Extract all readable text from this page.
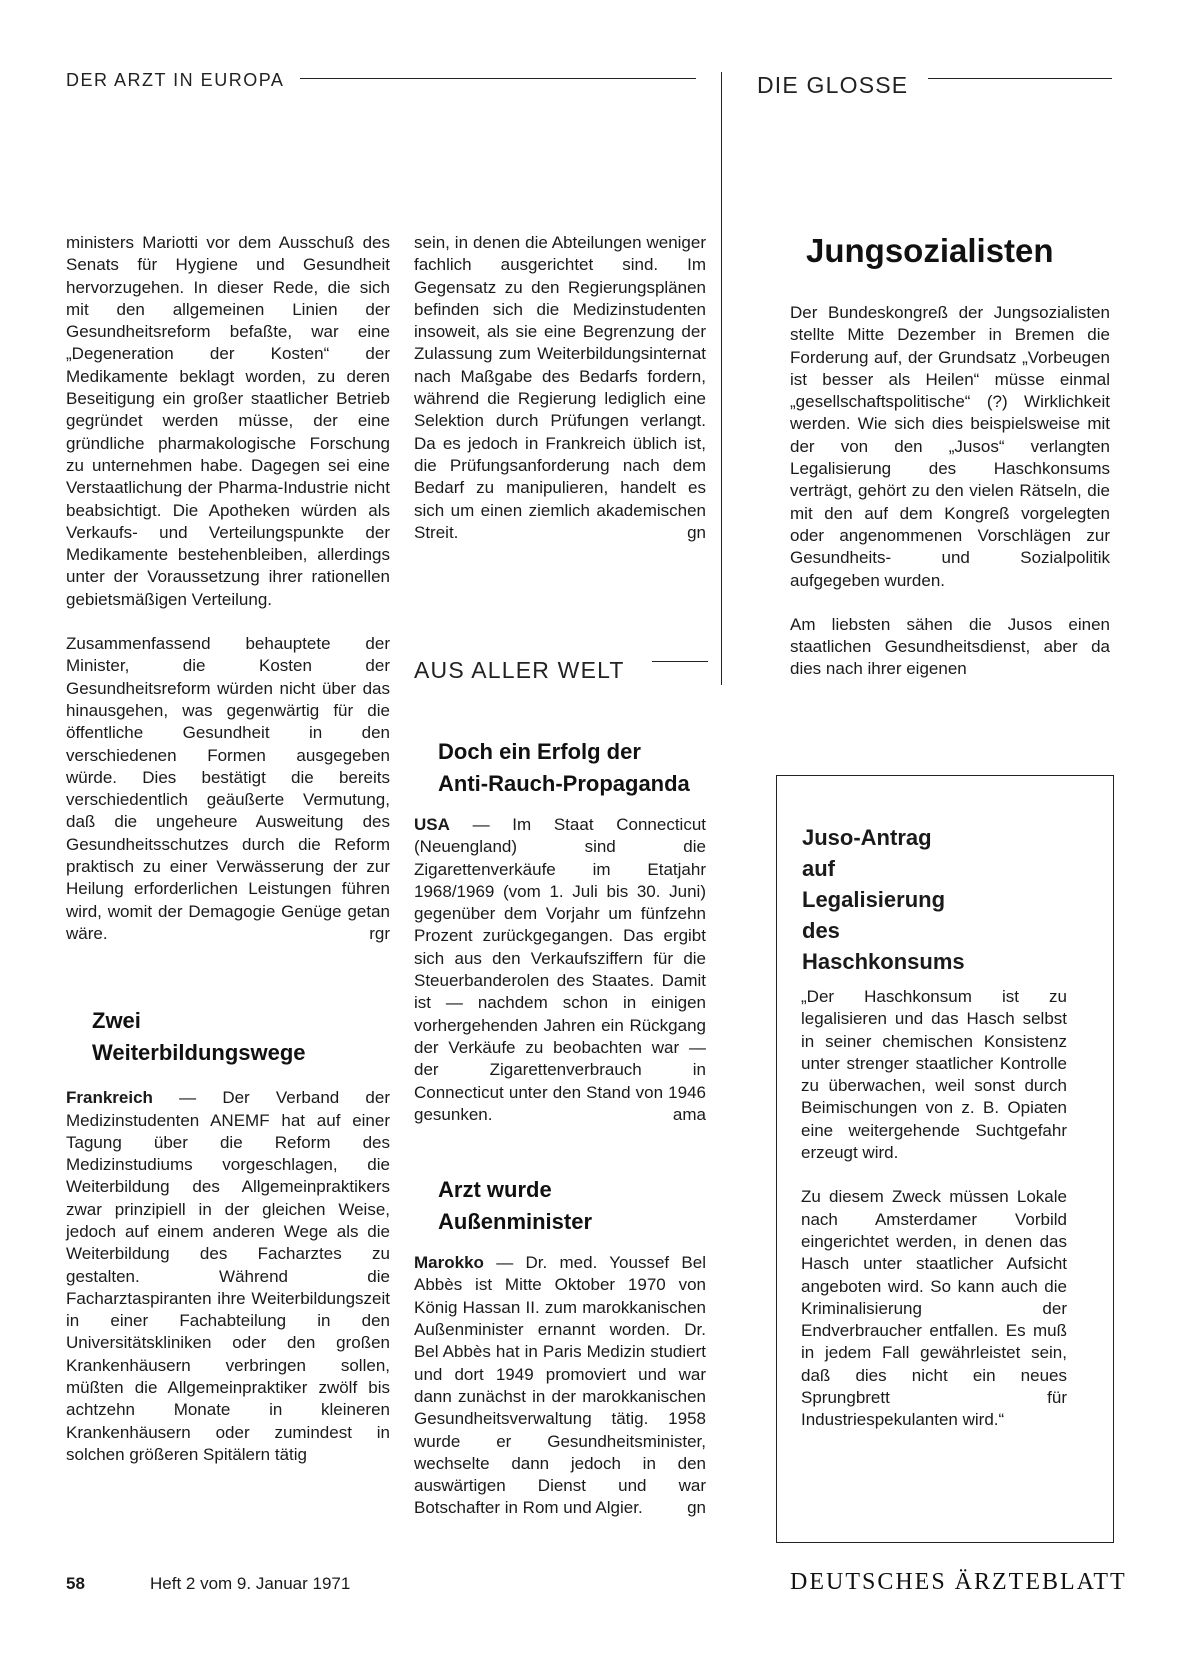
DER ARZT IN EUROPA	DIE GLOSSE

ministers Mariotti vor dem Ausschuß des Senats für Hygiene und Gesundheit hervorzugehen. In dieser Rede, die sich mit den allgemeinen Linien der Gesundheitsreform befaßte, war eine „Degeneration der Kosten“ der Medikamente beklagt worden, zu deren Beseitigung ein großer staatlicher Betrieb gegründet werden müsse, der eine gründliche pharmakologische Forschung zu unternehmen habe. Dagegen sei eine Verstaatlichung der Pharma-Industrie nicht beabsichtigt. Die Apotheken würden als Verkaufs- und Verteilungspunkte der Medikamente bestehenbleiben, allerdings unter der Voraussetzung ihrer rationellen gebietsmäßigen Verteilung.

Zusammenfassend behauptete der Minister, die Kosten der Gesundheitsreform würden nicht über das hinausgehen, was gegenwärtig für die öffentliche Gesundheit in den verschiedenen Formen ausgegeben würde. Dies bestätigt die bereits verschiedentlich geäußerte Vermutung, daß die ungeheure Ausweitung des Gesundheitsschutzes durch die Reform praktisch zu einer Verwässerung der zur Heilung erforderlichen Leistungen führen wird, womit der Demagogie Genüge getan wäre.	rgr

Zwei
Weiterbildungswege

Frankreich — Der Verband der Medizinstudenten ANEMF hat auf einer Tagung über die Reform des Medizinstudiums vorgeschlagen, die Weiterbildung des Allgemeinpraktikers zwar prinzipiell in der gleichen Weise, jedoch auf einem anderen Wege als die Weiterbildung des Facharztes zu gestalten. Während die Facharztaspiranten ihre Weiterbildungszeit in einer Fachabteilung in den Universitätskliniken oder den großen Krankenhäusern verbringen sollen, müßten die Allgemeinpraktiker zwölf bis achtzehn Monate in kleineren Krankenhäusern oder zumindest in solchen größeren Spitälern tätig

sein, in denen die Abteilungen weniger fachlich ausgerichtet sind. Im Gegensatz zu den Regierungsplänen befinden sich die Medizinstudenten insoweit, als sie eine Begrenzung der Zulassung zum Weiterbildungsinternat nach Maßgabe des Bedarfs fordern, während die Regierung lediglich eine Selektion durch Prüfungen verlangt. Da es jedoch in Frankreich üblich ist, die Prüfungsanforderung nach dem Bedarf zu manipulieren, handelt es sich um einen ziemlich akademischen Streit.	gn

AUS ALLER WELT
Doch ein Erfolg der
Anti-Rauch-Propaganda

USA — Im Staat Connecticut (Neuengland) sind die Zigarettenverkäufe im Etatjahr 1968/1969 (vom 1. Juli bis 30. Juni) gegenüber dem Vorjahr um fünfzehn Prozent zurückgegangen. Das ergibt sich aus den Verkaufsziffern für die Steuerbanderolen des Staates. Damit ist — nachdem schon in einigen vorhergehenden Jahren ein Rückgang der Verkäufe zu beobachten war — der Zigarettenverbrauch in Connecticut unter den Stand von 1946 gesunken.	ama

Arzt wurde
Außenminister

Marokko — Dr. med. Youssef Bel Abbès ist Mitte Oktober 1970 von König Hassan II. zum marokkanischen Außenminister ernannt worden. Dr. Bel Abbès hat in Paris Medizin studiert und dort 1949 promoviert und war dann zunächst in der marokkanischen Gesundheitsverwaltung tätig. 1958 wurde er Gesundheitsminister, wechselte dann jedoch in den auswärtigen Dienst und war Botschafter in Rom und Algier.	gn

Jungsozialisten

Der Bundeskongreß der Jungsozialisten stellte Mitte Dezember in Bremen die Forderung auf, der Grundsatz „Vorbeugen ist besser als Heilen“ müsse einmal „gesellschaftspolitische“ (?) Wirklichkeit werden. Wie sich dies beispielsweise mit der von den „Jusos“ verlangten Legalisierung des Haschkonsums verträgt, gehört zu den vielen Rätseln, die mit den auf dem Kongreß vorgelegten oder angenommenen Vorschlägen zur Gesundheits- und Sozialpolitik aufgegeben wurden.

Am liebsten sähen die Jusos einen staatlichen Gesundheitsdienst, aber da dies nach ihrer eigenen

Juso-Antrag
auf
Legalisierung
des
Haschkonsums

„Der Haschkonsum ist zu legalisieren und das Hasch selbst in seiner chemischen Konsistenz unter strenger staatlicher Kontrolle zu überwachen, weil sonst durch Beimischungen von z. B. Opiaten eine weitergehende Suchtgefahr erzeugt wird.

Zu diesem Zweck müssen Lokale nach Amsterdamer Vorbild eingerichtet werden, in denen das Hasch unter staatlicher Aufsicht angeboten wird. So kann auch die Kriminalisierung der Endverbraucher entfallen. Es muß in jedem Fall gewährleistet sein, daß dies nicht ein neues Sprungbrett für Industriespekulanten wird.“

58	Heft 2 vom 9. Januar 1971	DEUTSCHES ÄRZTEBLATT
